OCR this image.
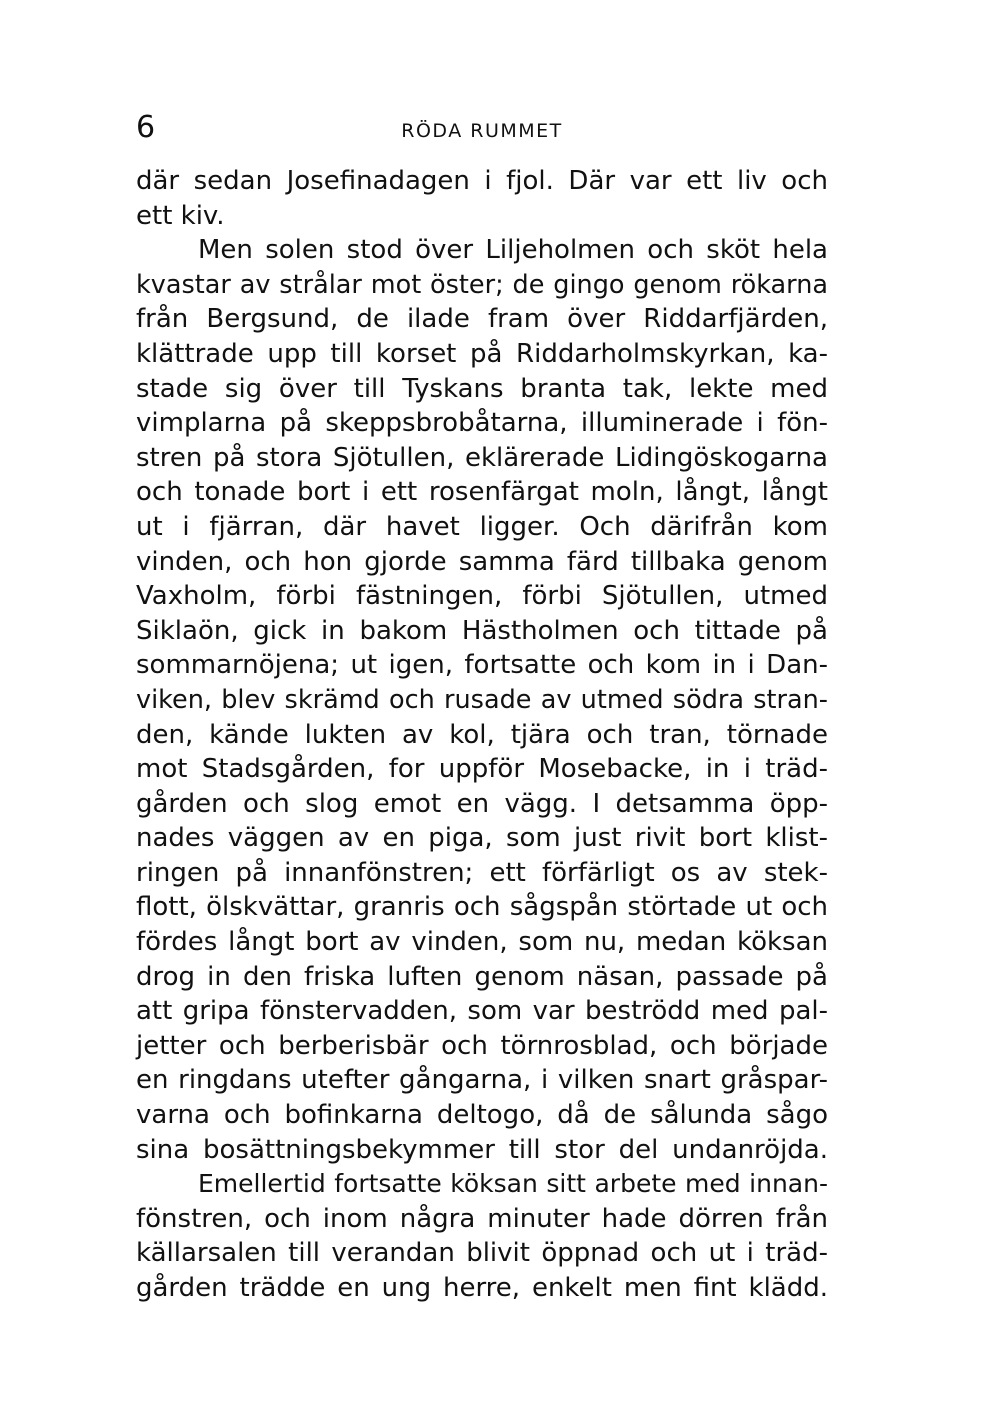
6	RÖDA RUMMET
där sedan Josefinadagen i fjol. Där var ett liv och
ett kiv.
Men solen stod över Liljeholmen och sköt hela
kvastar av strålar mot öster; de gingo genom rökarna
från Bergsund, de ilade fram över Riddarfjärden,
klättrade upp till korset på Riddarholmskyrkan, ka-
stade sig över till Tyskans branta tak, lekte med
vimplarna på skeppsbrobåtarna, illuminerade i fön-
stren på stora Sjötullen, eklärerade Lidingöskogarna
och tonade bort i ett rosenfärgat moln, långt, långt
ut i fjärran, där havet ligger. Och därifrån kom
vinden, och hon gjorde samma färd tillbaka genom
Vaxholm, förbi fästningen, förbi Sjötullen, utmed
Siklaön, gick in bakom Hästholmen och tittade på
sommarnöjena; ut igen, fortsatte och kom in i Dan-
viken, blev skrämd och rusade av utmed södra stran-
den, kände lukten av kol, tjära och tran, törnade
mot Stadsgården, for uppför Mosebacke, in i träd-
gården och slog emot en vägg. I detsamma öpp-
nades väggen av en piga, som just rivit bort klist-
ringen på innanfönstren; ett förfärligt os av stek-
flott, ölskvättar, granris och sågspån störtade ut och
fördes långt bort av vinden, som nu, medan köksan
drog in den friska luften genom näsan, passade på
att gripa fönstervadden, som var beströdd med pal-
jetter och berberisbär och törnrosblad, och började
en ringdans utefter gångarna, i vilken snart gråspar-
varna och bofinkarna deltogo, då de sålunda sågo
sina bosättningsbekymmer till stor del undanröjda.
Emellertid fortsatte köksan sitt arbete med innan-
fönstren, och inom några minuter hade dörren från
källarsalen till verandan blivit öppnad och ut i träd-
gården trädde en ung herre, enkelt men fint klädd.
